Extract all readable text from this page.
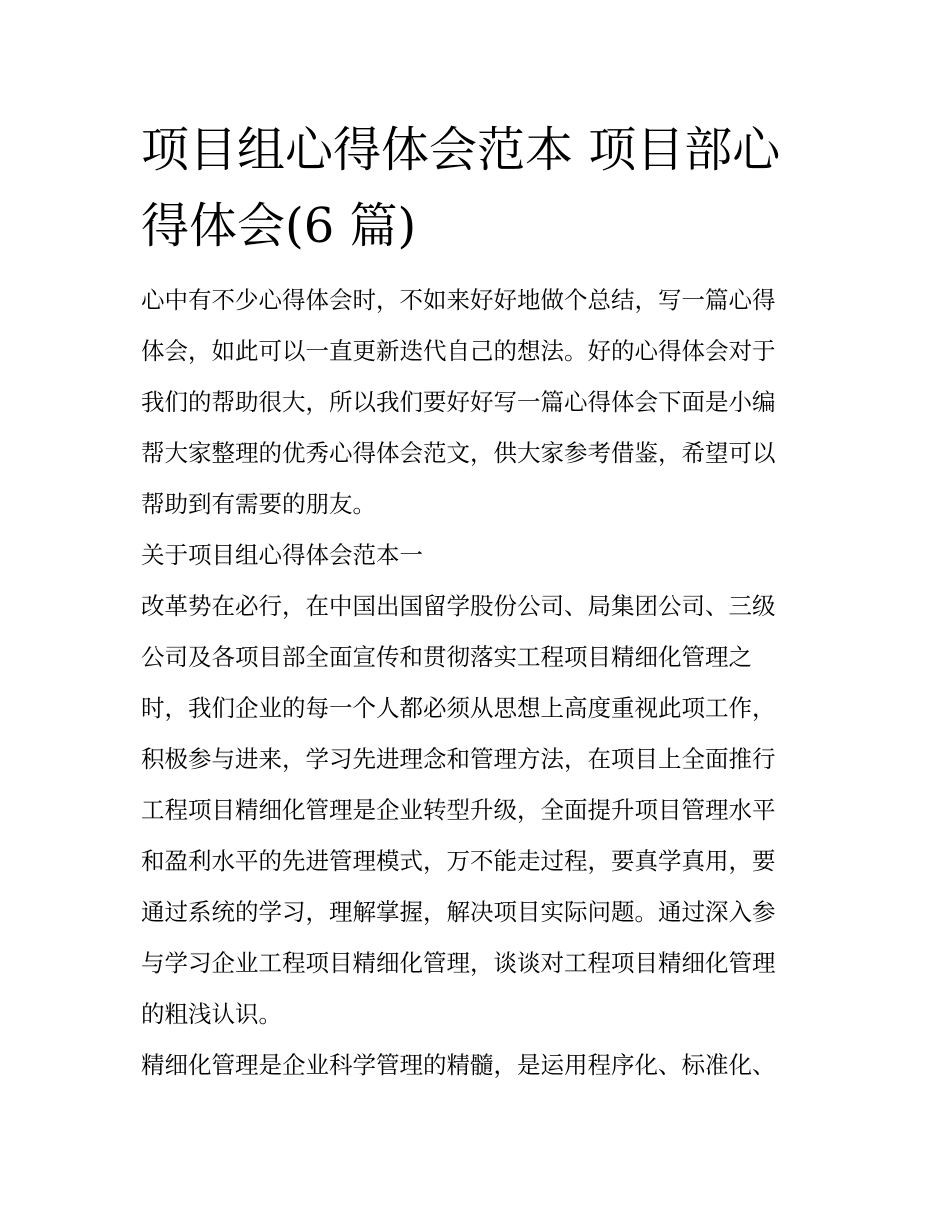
项目组心得体会范本 项目部心
得体会(6 篇)

心中有不少心得体会时，不如来好好地做个总结，写一篇心得
体会，如此可以一直更新迭代自己的想法。好的心得体会对于
我们的帮助很大，所以我们要好好写一篇心得体会下面是小编
帮大家整理的优秀心得体会范文，供大家参考借鉴，希望可以
帮助到有需要的朋友。

关于项目组心得体会范本一

改革势在必行，在中国出国留学股份公司、局集团公司、三级
公司及各项目部全面宣传和贯彻落实工程项目精细化管理之
时，我们企业的每一个人都必须从思想上高度重视此项工作，
积极参与进来，学习先进理念和管理方法，在项目上全面推行
工程项目精细化管理是企业转型升级，全面提升项目管理水平
和盈利水平的先进管理模式，万不能走过程，要真学真用，要
通过系统的学习，理解掌握，解决项目实际问题。通过深入参
与学习企业工程项目精细化管理，谈谈对工程项目精细化管理
的粗浅认识。

精细化管理是企业科学管理的精髓，是运用程序化、标准化、
